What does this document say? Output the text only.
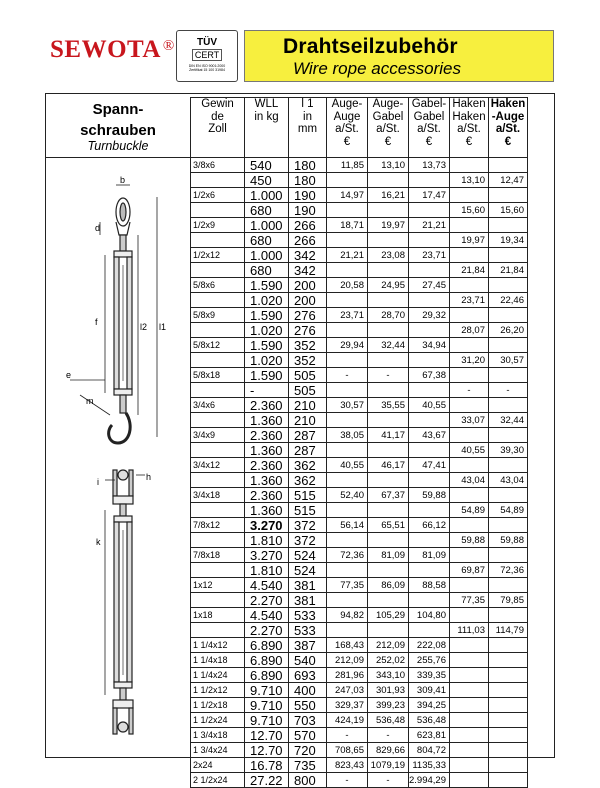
SEWOTA ® TÜV
CERT
DIN EN ISO 9001:2000
Zertifikat 15 100 31984
Drahtseilzubehör
Wire rope accessories
Spann-
schrauben
Turnbuckle
b
d
f	l2 l1
e
m
h
i
k
Gewin
de
Zoll	WLL
in kg	l 1
in
mm	Auge-
Auge
a/St.
€	Auge-
Gabel
a/St.
€	Gabel-
Gabel
a/St.
€	Haken
Haken
a/St.
€	Haken
-Auge
a/St.
€
3/8x6	540	180	11,85	13,10	13,73		
	450	180				13,10	12,47
1/2x6	1.000	190	14,97	16,21	17,47		
	680	190				15,60	15,60
1/2x9	1.000	266	18,71	19,97	21,21		
	680	266				19,97	19,34
1/2x12	1.000	342	21,21	23,08	23,71		
	680	342				21,84	21,84
5/8x6	1.590	200	20,58	24,95	27,45		
	1.020	200				23,71	22,46
5/8x9	1.590	276	23,71	28,70	29,32		
	1.020	276				28,07	26,20
5/8x12	1.590	352	29,94	32,44	34,94		
	1.020	352				31,20	30,57
5/8x18	1.590	505	-	-	67,38		
	-	505				-	-
3/4x6	2.360	210	30,57	35,55	40,55		
	1.360	210				33,07	32,44
3/4x9	2.360	287	38,05	41,17	43,67		
	1.360	287				40,55	39,30
3/4x12	2.360	362	40,55	46,17	47,41		
	1.360	362				43,04	43,04
3/4x18	2.360	515	52,40	67,37	59,88		
	1.360	515				54,89	54,89
7/8x12	3.270	372	56,14	65,51	66,12		
	1.810	372				59,88	59,88
7/8x18	3.270	524	72,36	81,09	81,09		
	1.810	524				69,87	72,36
1x12	4.540	381	77,35	86,09	88,58		
	2.270	381				77,35	79,85
1x18	4.540	533	94,82	105,29	104,80		
	2.270	533				111,03	114,79
1 1/4x12	6.890	387	168,43	212,09	222,08		
1 1/4x18	6.890	540	212,09	252,02	255,76		
1 1/4x24	6.890	693	281,96	343,10	339,35		
1 1/2x12	9.710	400	247,03	301,93	309,41		
1 1/2x18	9.710	550	329,37	399,23	394,25		
1 1/2x24	9.710	703	424,19	536,48	536,48		
1 3/4x18	12.70	570	-	-	623,81		
1 3/4x24	12.70	720	708,65	829,66	804,72		
2x24	16.78	735	823,43	1079,19	1135,33		
2 1/2x24	27.22	800	-	-	2.994,29		
